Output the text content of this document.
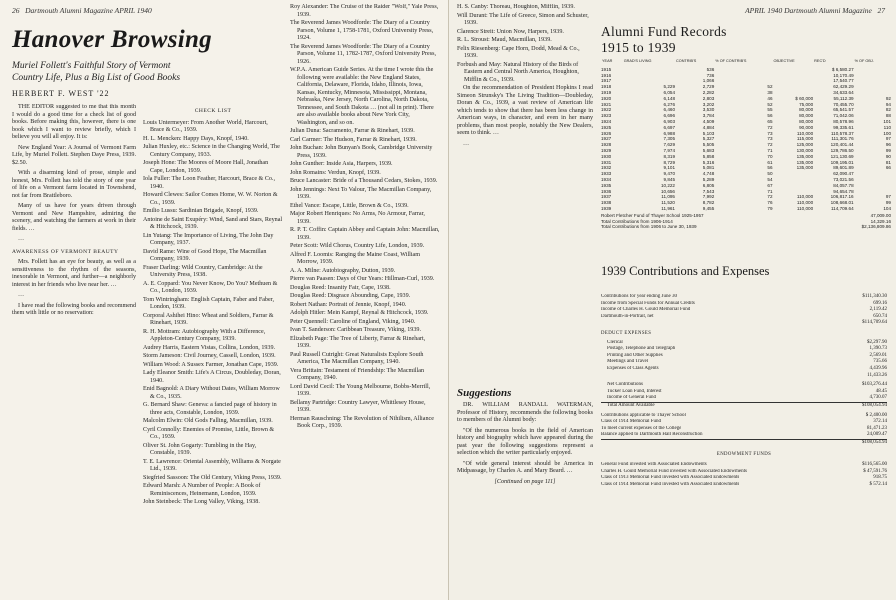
26 Dartmouth Alumni Magazine APRIL 1940
Hanover Browsing
Muriel Follett's Faithful Story of Vermont Country Life, Plus a Big List of Good Books
HERBERT F. WEST '22

THE EDITOR suggested to me that this month I would do a good time for a check list of good books. Before making this, however, there is one book which I want to review briefly, which I believe you will all enjoy. It is:

New England Year: A Journal of Vermont Farm Life, by Muriel Follett. Stephen Daye Press, 1939. $2.50.

With a disarming kind of prose, simple and honest, Mrs. Follett has told the story of one year of life on a Vermont farm located in Townshend, not far from Brattleboro.

Many of us have for years driven through Vermont and New Hampshire, admiring the scenery, and watching the farmers at work in their fields. …

…

AWARENESS OF VERMONT BEAUTY

Mrs. Follett has an eye for beauty, as well as a sensitiveness to the rhythm of the seasons, inexorable in Vermont, and further—a neighborly interest in her friends who live near her. …

…

I have read the following books and recommend them with little or no reservation:

CHECK LIST
Louis Untermeyer: From Another World, Harcourt, Brace & Co., 1939.
H. L. Mencken: Happy Days, Knopf, 1940.
Julian Huxley, etc.: Science in the Changing World, The Century Company, 1933.
Joseph Hone: The Moores of Moore Hall, Jonathan Cape, London, 1939.
Iola Fuller: The Loon Feather, Harcourt, Brace & Co., 1940.
Howard Clewes: Sailor Comes Home, W. W. Norton & Co., 1939.
Emilio Lussu: Sardinian Brigade, Knopf, 1939.
Antoine de Saint Exupéry: Wind, Sand and Stars, Reynal & Hitchcock, 1939.
Lin Yutang: The Importance of Living, The John Day Company, 1937.
David Rame: Wine of Good Hope, The Macmillan Company, 1939.
Fraser Darling: Wild Country, Cambridge: At the University Press, 1938.
A. E. Coppard: You Never Know, Do You? Methuen & Co., London, 1939.
Tom Wintringham: English Captain, Faber and Faber, London, 1939.
Corporal Ashihei Hino: Wheat and Soldiers, Farrar & Rinehart, 1939.
R. H. Mottram: Autobiography With a Difference, Appleton-Century Company, 1939.
Audrey Harris, Eastern Vistas, Collins, London, 1939.
Storm Jameson: Civil Journey, Cassell, London, 1939.
William Wood: A Sussex Farmer, Jonathan Cape, 1939.
Lady Eleanor Smith: Life's A Circus, Doubleday, Doran, 1940.
Enid Bagnold: A Diary Without Dates, William Morrow & Co., 1935.
G. Bernard Shaw: Geneva: a fancied page of history in three acts, Constable, London, 1939.
Malcolm Elwin: Old Gods Falling, Macmillan, 1939.
Cyril Connolly: Enemies of Promise, Little, Brown & Co., 1939.
Oliver St. John Gogarty: Tumbling in the Hay, Constable, 1939.
T. E. Lawrence: Oriental Assembly, Williams & Norgate Ltd., 1939.
Siegfried Sassoon: The Old Century, Viking Press, 1939.
Edward Marsh: A Number of People: A Book of Reminiscences, Heinemann, London, 1939.
John Steinbeck: The Long Valley, Viking, 1938.
Roy Alexander: The Cruise of the Raider "Wolf," Yale Press, 1939.
The Reverend James Woodforde: The Diary of a Country Parson, Volume 1, 1758-1781, Oxford University Press, 1924.
The Reverend James Woodforde: The Diary of a Country Parson, Volume 11, 1782-1787, Oxford University Press, 1926.
W.P.A. American Guide Series. At the time I wrote this the following were available: the New England States, California, Delaware, Florida, Idaho, Illinois, Iowa, Kansas, Kentucky, Minnesota, Mississippi, Montana, Nebraska, New Jersey, North Carolina, North Dakota, Tennessee, and South Dakota … (not all in print). There are also available books about New York City, Washington, and so on.
Julian Duna: Sacramento, Farrar & Rinehart, 1939.
Carl Carmer: The Hudson, Farrar & Rinehart, 1939.
John Buchan: John Bunyan's Book, Cambridge University Press, 1939.
John Gunther: Inside Asia, Harpers, 1939.
John Romains: Verdun, Knopf, 1939.
Bruce Lancaster: Bride of a Thousand Cedars, Stokes, 1939.
John Jennings: Next To Valour, The Macmillan Company, 1939.
Ethel Vance: Escape, Little, Brown & Co., 1939.
Major Robert Henriques: No Arms, No Armour, Farrar, 1939.
R. P. T. Coffin: Captain Abbey and Captain John: Macmillan, 1939.
Peter Scott: Wild Chorus, Country Life, London, 1939.
Alfred F. Loomis: Ranging the Maine Coast, William Morrow, 1939.
A. A. Milne: Autobiography, Dutton, 1939.
Pierre van Paasen: Days of Our Years: Hillman-Curl, 1939.
Douglas Reed: Insanity Fair, Cape, 1938.
Douglas Reed: Disgrace Abounding, Cape, 1939.
Robert Nathan: Portrait of Jennie, Knopf, 1940.
Adolph Hitler: Mein Kampf, Reynal & Hitchcock, 1939.
Peter Quennell: Caroline of England, Viking, 1940.
Ivan T. Sanderson: Caribbean Treasure, Viking, 1939.
Elizabeth Page: The Tree of Liberty, Farrar & Rinehart, 1939.
Paul Russell Cutright: Great Naturalists Explore South America, The Macmillan Company, 1940.
Vera Brittain: Testament of Friendship: The Macmillan Company, 1940.
Lord David Cecil: The Young Melbourne, Bobbs-Merrill, 1939.
Bellamy Partridge: Country Lawyer, Whittlesey House, 1939.
Herman Rauschning: The Revolution of Nihilism, Alliance Book Corp., 1939.
APRIL 1940 Dartmouth Alumni Magazine 27
H. S. Canby: Thoreau, Houghton, Mifflin, 1939.
Will Durant: The Life of Greece, Simon and Schuster, 1939.
Clarence Streit: Union Now, Harpers, 1939.
R. L. Stroust: Maud, Macmillan, 1939.
Felix Riesenberg: Cape Horn, Dodd, Mead & Co., 1939.
Forbush and May: Natural History of the Birds of Eastern and Central North America, Houghton, Mifflin & Co., 1939.

On the recommendation of President Hopkins I read Simeon Strunsky's The Living Tradition—Doubleday, Doran & Co., 1939, a vast review of American life which tends to show that there has been less change in American ways, in character, and even in her many problems, than most people, notably the New Dealers, seem to think. …

…

Suggestions

DR. WILLIAM RANDALL WATERMAN, Professor of History, recommends the following books to members of the Alumni body:

"Of the numerous books in the field of American history and biography which have appeared during the past year the following suggestions represent a selection which the writer particularly enjoyed.

"Of wide general interest should be America in Midpassage, by Charles A. and Mary Beard. …

[Continued on page 111]
Alumni Fund Records 1915 to 1939
YEAR	GRAD'S LIVING	CONTRIB'S	% OF CONTRIB'S	OBJECTIVE	REC'D	% OF OBJ.
1915		536			$ 6,580.27	
1916		736			10,170.49	
1917		1,066			17,540.77	
1918	5,229	2,729	52		62,429.29	
1919	6,054	2,282	38		34,633.64	
1920	6,148	2,803	46	$ 60,000	55,112.39	92
1921	6,276	3,202	52	75,000	70,455.70	94
1922	6,460	3,530	55	80,000	65,541.57	82
1923	6,696	3,784	56	80,000	71,042.06	88
1924	6,903	4,509	65	80,000	80,578.96	101
1925	6,697	4,884	72	90,000	99,335.61	110
1926	6,988	5,103	73	110,000	110,578.37	100
1927	7,305	5,327	73	115,000	111,301.76	97
1928	7,629	5,505	72	125,000	120,401.44	96
1929	7,974	5,683	71	130,000	129,786.50	99
1930	8,319	5,858	70	135,000	121,130.69	90
1931	8,729	5,316	61	135,000	109,195.01	81
1932	9,101	5,081	56	135,000	89,601.89	66
1933	9,470	4,748	50		62,090.47	
1934	9,845	5,289	54		73,021.56	
1935	10,222	6,805	67		84,057.78	
1936	10,656	7,543	71		94,654.78	
1937	11,095	7,992	72	110,000	106,817.16	97
1938	11,520	8,782	76	110,000	108,668.01	99
1939	11,961	9,455	79	110,000	114,709.64	104
Robert Fletcher Fund of Thayer School 1925-1957	47,009.00
Total Contributions from 1906-1914	14,329.16
Total Contributions from 1906 to June 30, 1939	$2,136,809.86
1939 Contributions and Expenses
Contributions for year ending June 30	$111,340.30
Income from Special Funds for Annual Credits	699.16
Income of Charles H. Gould Memorial Fund	2,119.42
Dartmouth-in-Portrait, net	650.74
$114,709.64
DEDUCT EXPENSES
Clerical	$2,297.90
Postage, Telephone and Telegraph	1,390.73
Printing and Other Supplies	2,569.01
Meetings and Travel	735.66
Expenses of Class Agents	4,439.96
11,433.26
Net Contributions	$103,276.44
Tucker Loan Fund, Interest	48.45
Income of General Fund	4,730.07
Total Amount Available	$108,054.94
Contributions applicable to Thayer School	$ 2,400.00
Class of 1914 Memorial Fund	372.14
To meet current expenses of the College	81,471.23
Balance applied to Dartmouth Hall Reconstruction	24,009.47
$108,054.94
ENDOWMENT FUNDS
General Fund invested with Associated Endowments	$116,565.00
Charles H. Gould Memorial Fund invested with Associated Endowments	$ 47,591.76
Class of 1913 Memorial Fund invested with Associated Endowments	918.75
Class of 1914 Memorial Fund invested with Associated Endowments	$ 572.14
